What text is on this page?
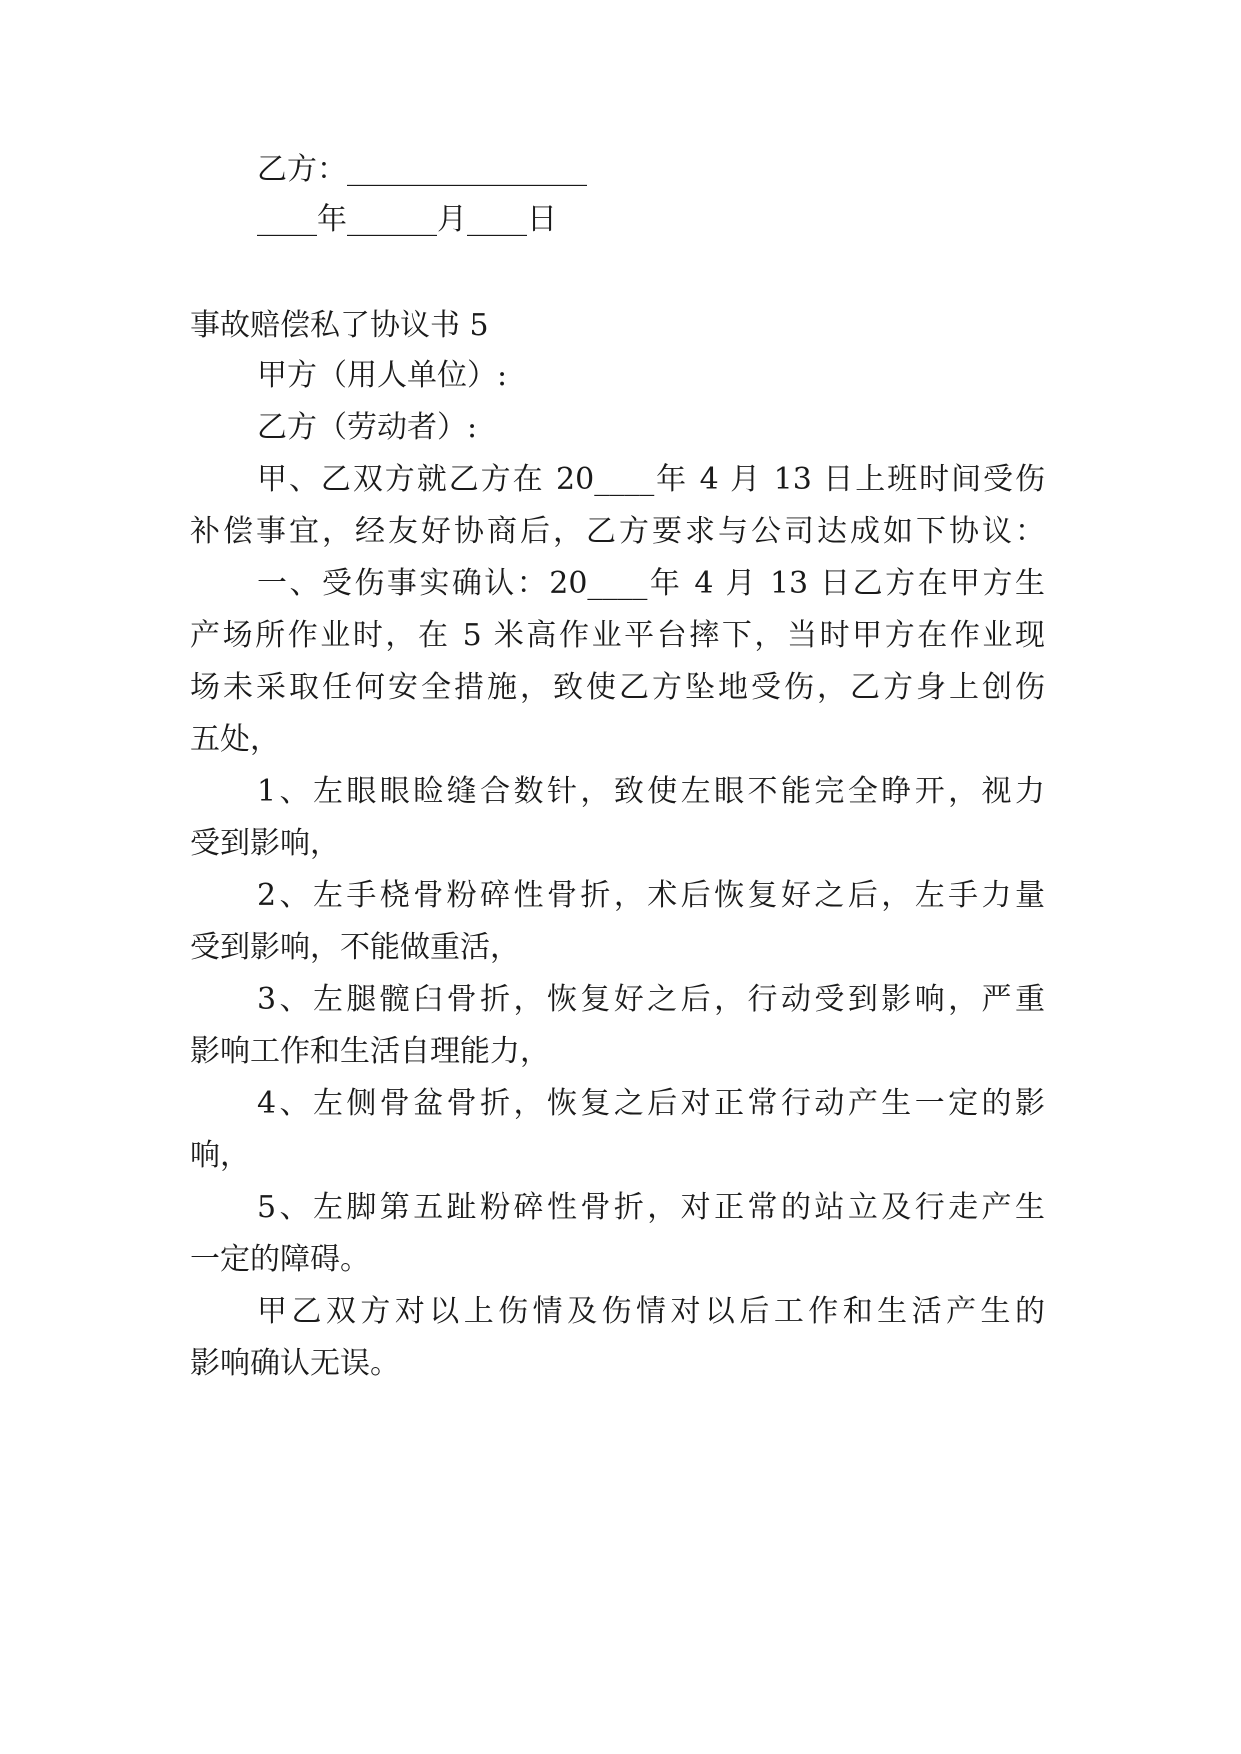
乙方：________________
____年______月____日
事故赔偿私了协议书 5
甲方（用人单位）:
乙方（劳动者）:
甲、乙双方就乙方在 20____年 4 月 13 日上班时间受伤
补偿事宜，经友好协商后，乙方要求与公司达成如下协议：
一、受伤事实确认：20____年 4 月 13 日乙方在甲方生
产场所作业时，在 5 米高作业平台摔下，当时甲方在作业现
场未采取任何安全措施，致使乙方坠地受伤，乙方身上创伤
五处，
1、左眼眼睑缝合数针，致使左眼不能完全睁开，视力
受到影响，
2、左手桡骨粉碎性骨折，术后恢复好之后，左手力量
受到影响，不能做重活，
3、左腿髋臼骨折，恢复好之后，行动受到影响，严重
影响工作和生活自理能力，
4、左侧骨盆骨折，恢复之后对正常行动产生一定的影
响，
5、左脚第五趾粉碎性骨折，对正常的站立及行走产生
一定的障碍。
甲乙双方对以上伤情及伤情对以后工作和生活产生的
影响确认无误。
